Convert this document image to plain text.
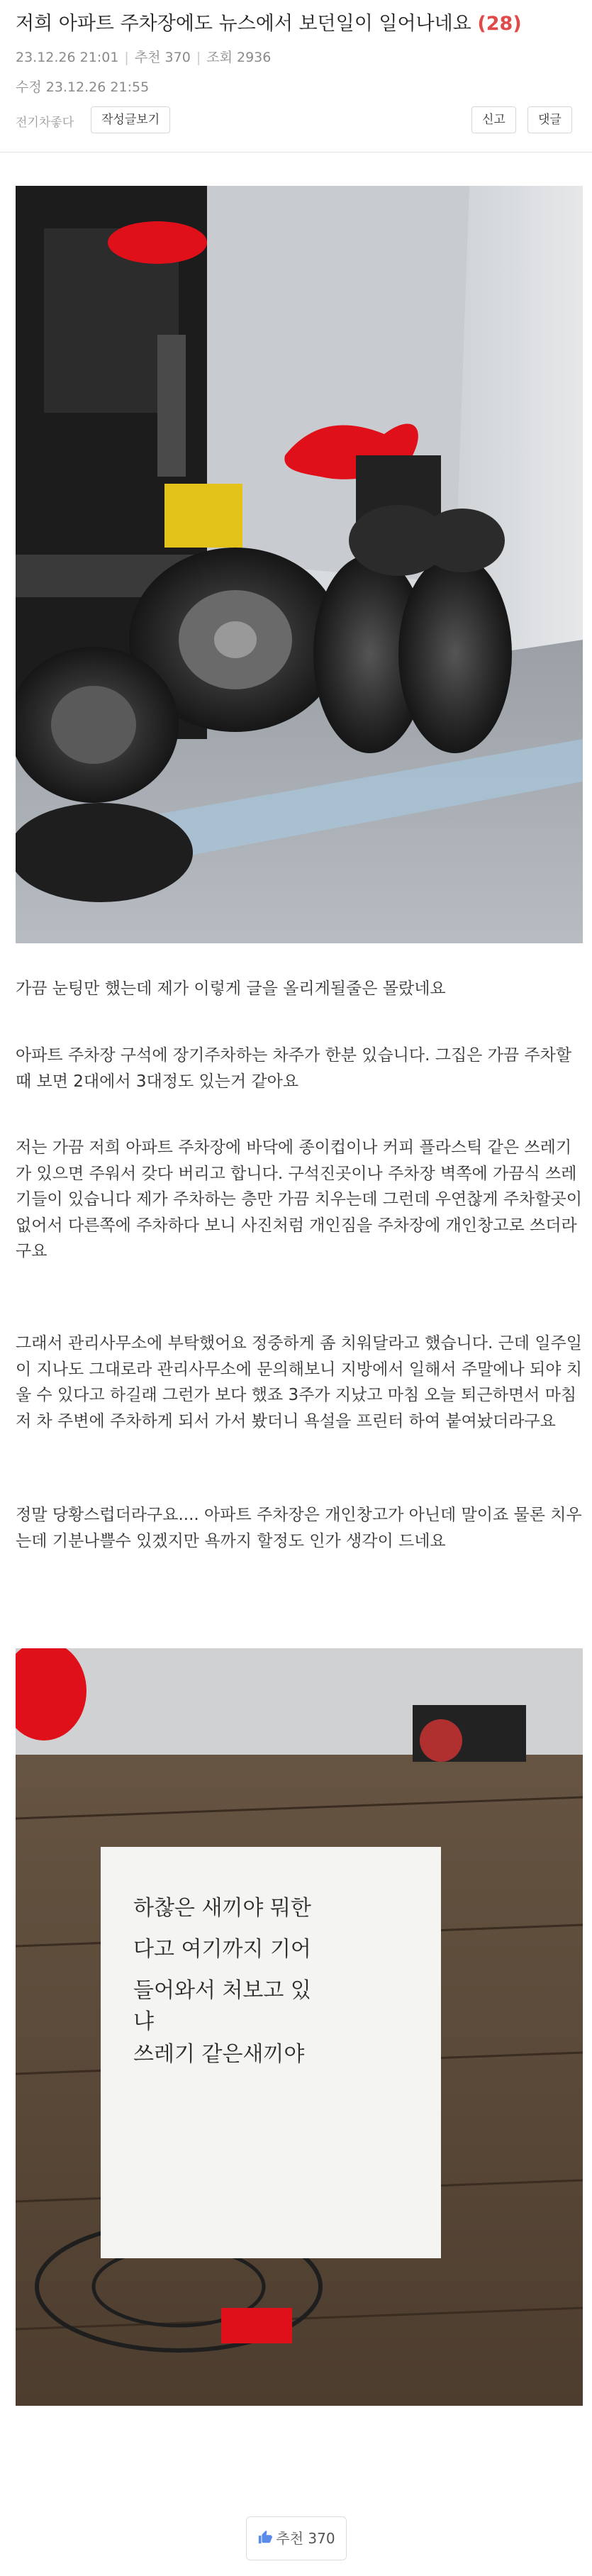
저희 아파트 주차장에도 뉴스에서 보던일이 일어나네요 (28)
23.12.26 21:01 | 추천 370 | 조회 2936
수정 23.12.26 21:55
전기차좋다	작성글보기	신고	댓글
가끔 눈팅만 했는데 제가 이렇게 글을 올리게될줄은 몰랐네요
아파트 주차장 구석에 장기주차하는 차주가 한분 있습니다. 그집은 가끔 주차할때 보면 2대에서 3대정도 있는거 같아요
저는 가끔 저희 아파트 주차장에 바닥에 종이컵이나 커피 플라스틱 같은 쓰레기가 있으면 주워서 갖다 버리고 합니다. 구석진곳이나 주차장 벽쪽에 가끔식 쓰레기들이 있습니다 제가 주차하는 층만 가끔 치우는데 그런데 우연찮게 주차할곳이 없어서 다른쪽에 주차하다 보니 사진처럼 개인짐을 주차장에 개인창고로 쓰더라구요
그래서 관리사무소에 부탁했어요 정중하게 좀 치워달라고 했습니다. 근데 일주일이 지나도 그대로라 관리사무소에 문의해보니 지방에서 일해서 주말에나 되야 치울 수 있다고 하길래 그런가 보다 했죠 3주가 지났고 마침 오늘 퇴근하면서 마침 저 차 주변에 주차하게 되서 가서 봤더니 욕설을 프린터 하여 붙여놨더라구요
정말 당황스럽더라구요.... 아파트 주차장은 개인창고가 아닌데 말이죠 물론 치우는데 기분나쁠수 있겠지만 욕까지 할정도 인가 생각이 드네요
하찮은 새끼야 뭐한
다고 여기까지 기어
들어와서 처보고 있
냐
쓰레기 같은새끼야
추천 370
